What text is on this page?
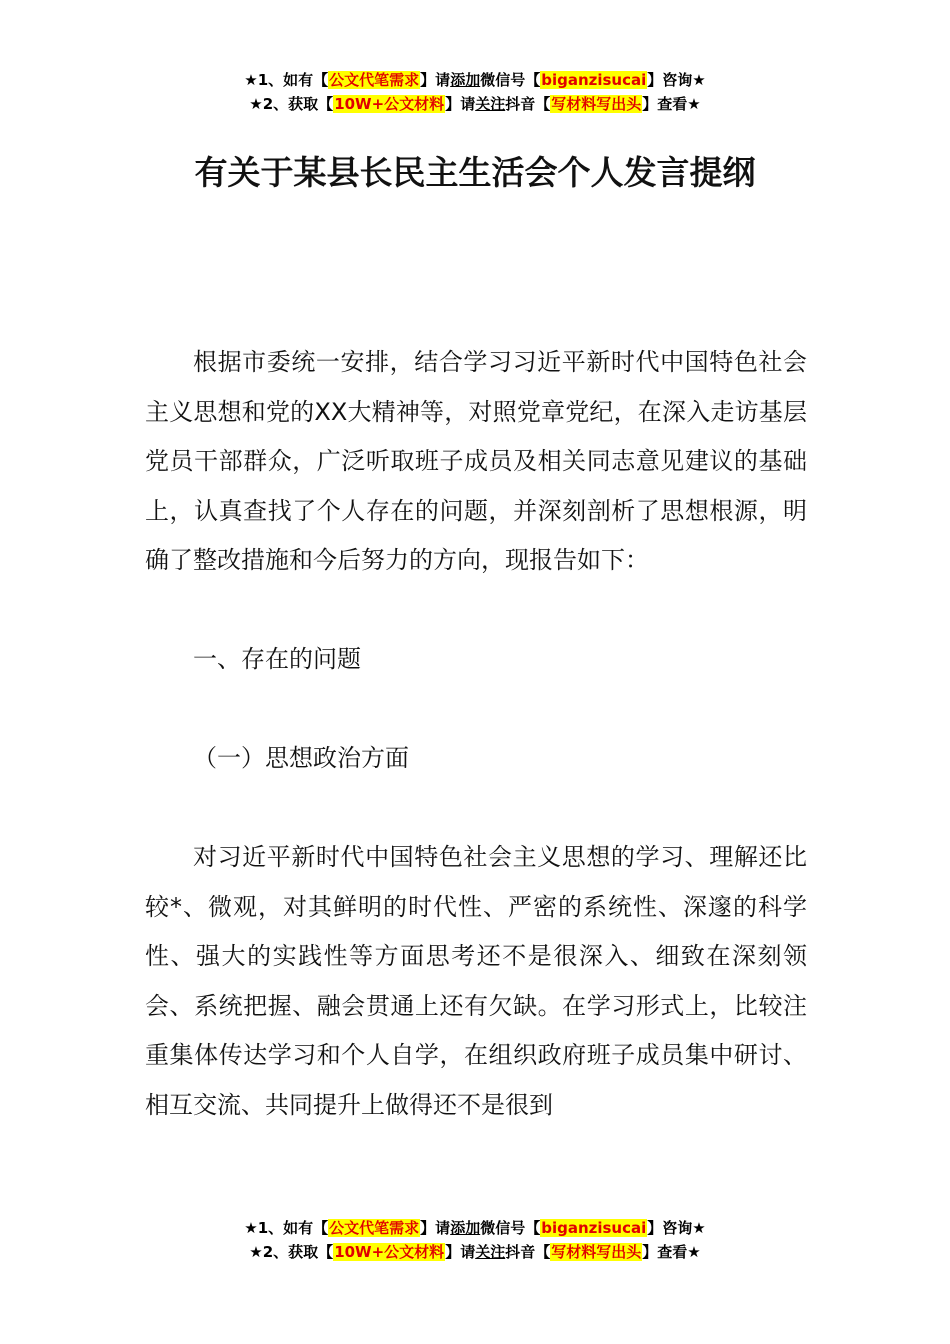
★1、如有【公文代笔需求】请添加微信号【biganzisucai】咨询★
★2、获取【10W+公文材料】请关注抖音【写材料写出头】查看★
有关于某县长民主生活会个人发言提纲

根据市委统一安排，结合学习习近平新时代中国特色社会主义思想和党的XX大精神等，对照党章党纪，在深入走访基层党员干部群众，广泛听取班子成员及相关同志意见建议的基础上，认真查找了个人存在的问题，并深刻剖析了思想根源，明确了整改措施和今后努力的方向，现报告如下：

一、存在的问题

（一）思想政治方面

对习近平新时代中国特色社会主义思想的学习、理解还比较*、微观，对其鲜明的时代性、严密的系统性、深邃的科学性、强大的实践性等方面思考还不是很深入、细致在深刻领会、系统把握、融会贯通上还有欠缺。在学习形式上，比较注重集体传达学习和个人自学，在组织政府班子成员集中研讨、相互交流、共同提升上做得还不是很到

★1、如有【公文代笔需求】请添加微信号【biganzisucai】咨询★
★2、获取【10W+公文材料】请关注抖音【写材料写出头】查看★
